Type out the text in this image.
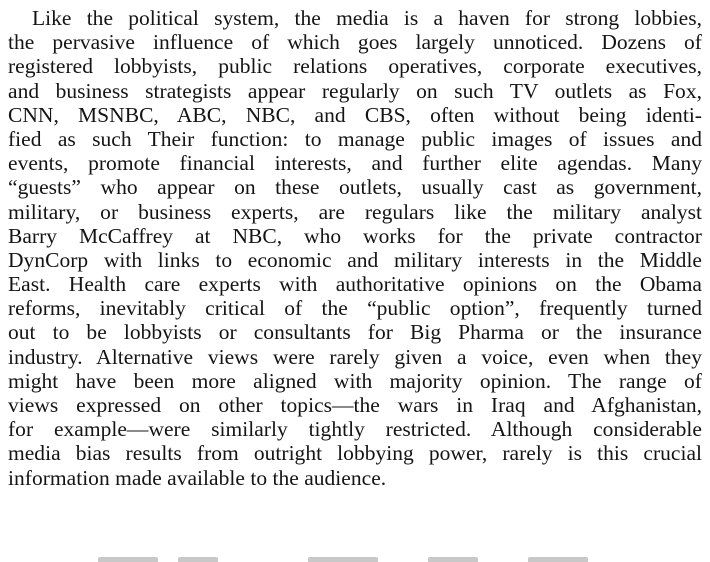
Like the political system, the media is a haven for strong lobbies,
the pervasive influence of which goes largely unnoticed. Dozens of
registered lobbyists, public relations operatives, corporate executives,
and business strategists appear regularly on such TV outlets as Fox,
CNN, MSNBC, ABC, NBC, and CBS, often without being identi-
fied as such Their function: to manage public images of issues and
events, promote financial interests, and further elite agendas. Many
“guests” who appear on these outlets, usually cast as government,
military, or business experts, are regulars like the military analyst
Barry McCaffrey at NBC, who works for the private contractor
DynCorp with links to economic and military interests in the Middle
East. Health care experts with authoritative opinions on the Obama
reforms, inevitably critical of the “public option”, frequently turned
out to be lobbyists or consultants for Big Pharma or the insurance
industry. Alternative views were rarely given a voice, even when they
might have been more aligned with majority opinion. The range of
views expressed on other topics—the wars in Iraq and Afghanistan,
for example—were similarly tightly restricted. Although considerable
media bias results from outright lobbying power, rarely is this crucial
information made available to the audience.
